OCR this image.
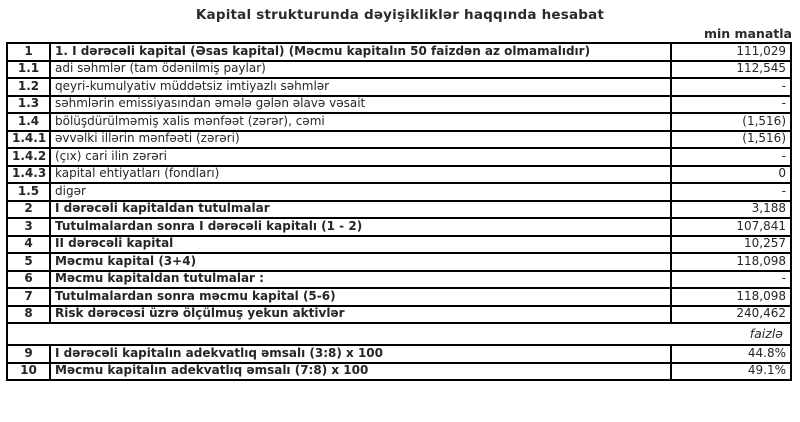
Kapital strukturunda dəyişikliklər haqqında hesabat
min manatla
1	1. I dərəcəli kapital (Əsas kapital) (Məcmu kapitalın 50 faizdən az olmamalıdır)	111,029
1.1	adi səhmlər (tam ödənilmiş paylar)	112,545
1.2	qeyri-kumulyativ müddətsiz imtiyazlı səhmlər	-
1.3	səhmlərin emissiyasından əmələ gələn əlavə vəsait	-
1.4	bölüşdürülməmiş xalis mənfəət (zərər), cəmi	(1,516)
1.4.1	əvvəlki illərin mənfəəti (zərəri)	(1,516)
1.4.2	(çıx) cari ilin zərəri	-
1.4.3	kapital ehtiyatları (fondları)	0
1.5	digər	-
2	I dərəcəli kapitaldan tutulmalar	3,188
3	Tutulmalardan sonra I dərəcəli kapitalı (1 - 2)	107,841
4	II dərəcəli kapital	10,257
5	Məcmu kapital (3+4)	118,098
6	Məcmu kapitaldan tutulmalar :	-
7	Tutulmalardan sonra məcmu kapital (5-6)	118,098
8	Risk dərəcəsi üzrə ölçülmuş yekun aktivlər	240,462
faizlə		
9	I dərəcəli kapitalın adekvatlıq əmsalı (3:8) x 100	44.8%
10	Məcmu kapitalın adekvatlıq əmsalı (7:8) x 100	49.1%
